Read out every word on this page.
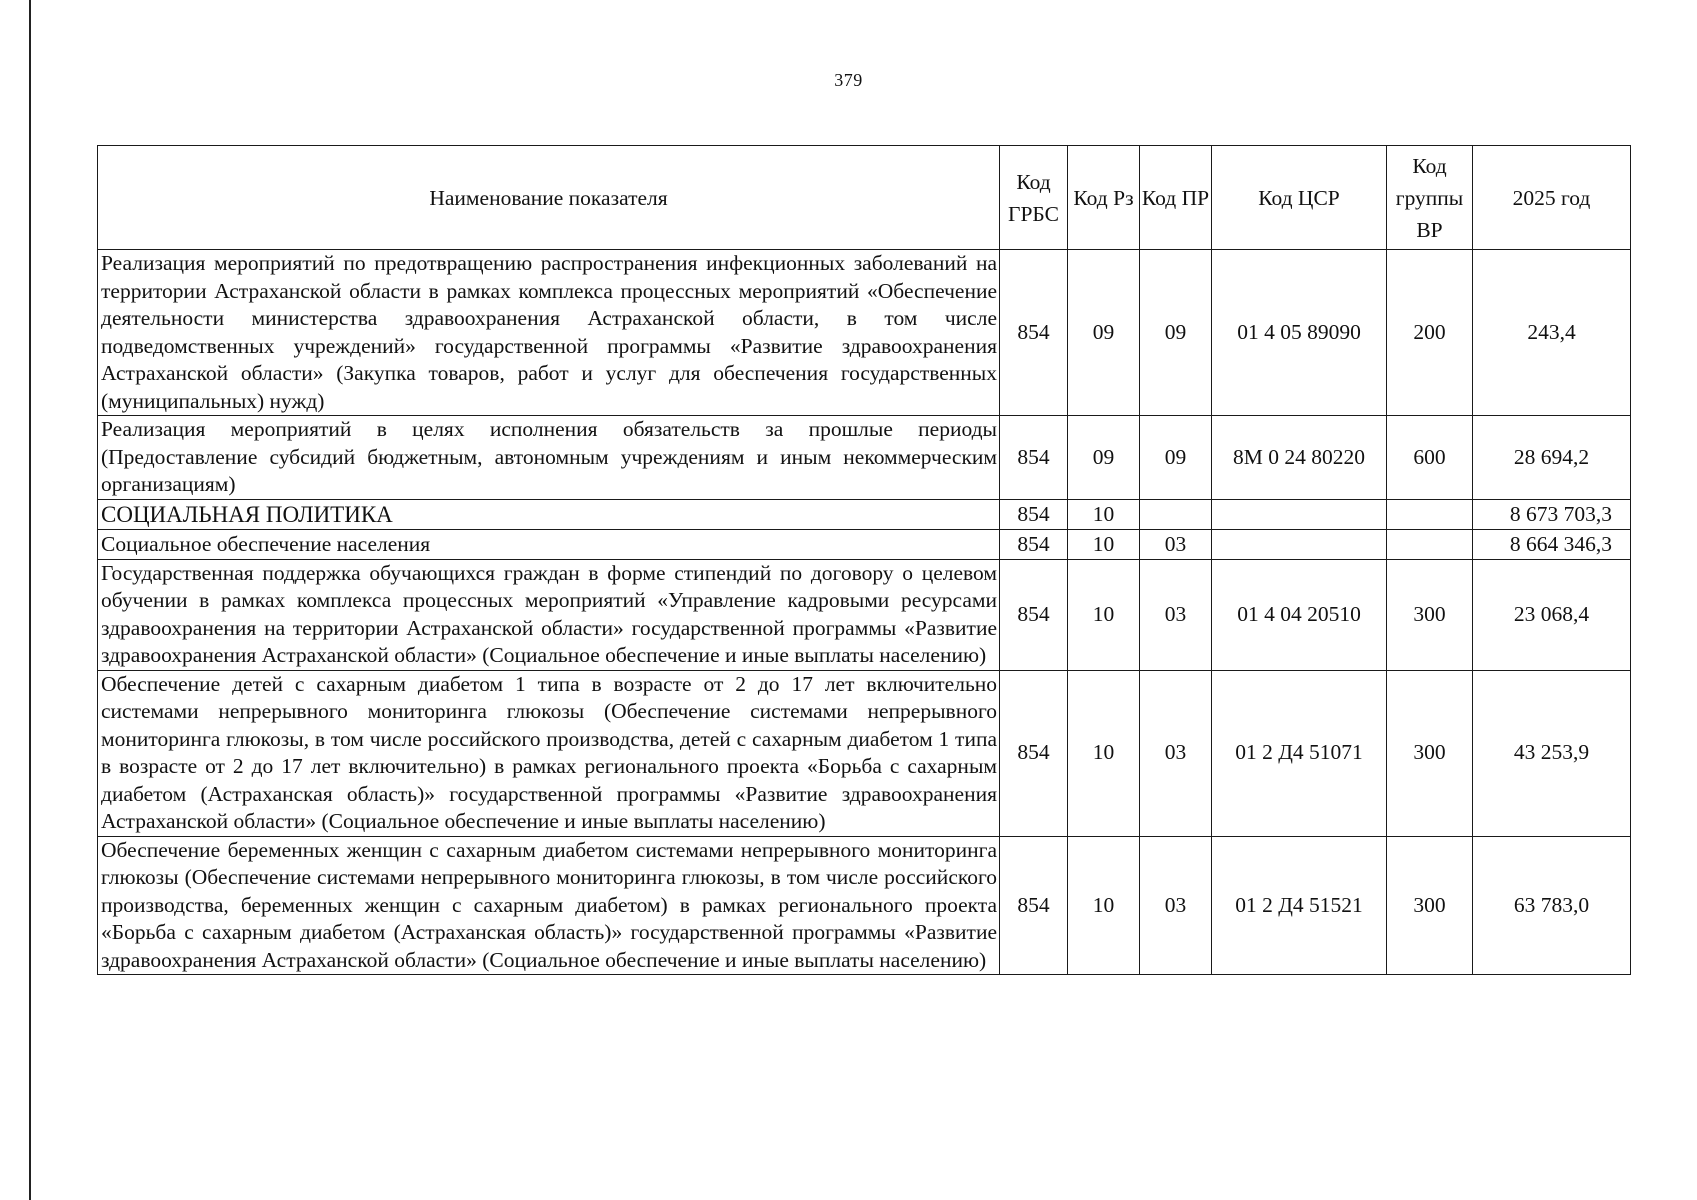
379
Наименование показателя	Код ГРБС	Код Рз	Код ПР	Код ЦСР	Код группы ВР	2025 год
Реализация мероприятий по предотвращению распространения инфекционных заболеваний на территории Астраханской области в рамках комплекса процессных мероприятий «Обеспечение деятельности министерства здравоохранения Астраханской области, в том числе подведомственных учреждений» государственной программы «Развитие здравоохранения Астраханской области» (Закупка товаров, работ и услуг для обеспечения государственных (муниципальных) нужд)	854	09	09	01 4 05 89090	200	243,4
Реализация мероприятий в целях исполнения обязательств за прошлые периоды (Предоставление субсидий бюджетным, автономным учреждениям и иным некоммерческим организациям)	854	09	09	8М 0 24 80220	600	28 694,2
СОЦИАЛЬНАЯ ПОЛИТИКА	854	10				8 673 703,3
Социальное обеспечение населения	854	10	03			8 664 346,3
Государственная поддержка обучающихся граждан в форме стипендий по договору о целевом обучении в рамках комплекса процессных мероприятий «Управление кадровыми ресурсами здравоохранения на территории Астраханской области» государственной программы «Развитие здравоохранения Астраханской области» (Социальное обеспечение и иные выплаты населению)	854	10	03	01 4 04 20510	300	23 068,4
Обеспечение детей с сахарным диабетом 1 типа в возрасте от 2 до 17 лет включительно системами непрерывного мониторинга глюкозы (Обеспечение системами непрерывного мониторинга глюкозы, в том числе российского производства, детей с сахарным диабетом 1 типа в возрасте от 2 до 17 лет включительно) в рамках регионального проекта «Борьба с сахарным диабетом (Астраханская область)» государственной программы «Развитие здравоохранения Астраханской области» (Социальное обеспечение и иные выплаты населению)	854	10	03	01 2 Д4 51071	300	43 253,9
Обеспечение беременных женщин с сахарным диабетом системами непрерывного мониторинга глюкозы (Обеспечение системами непрерывного мониторинга глюкозы, в том числе российского производства, беременных женщин с сахарным диабетом) в рамках регионального проекта «Борьба с сахарным диабетом (Астраханская область)» государственной программы «Развитие здравоохранения Астраханской области» (Социальное обеспечение и иные выплаты населению)	854	10	03	01 2 Д4 51521	300	63 783,0
